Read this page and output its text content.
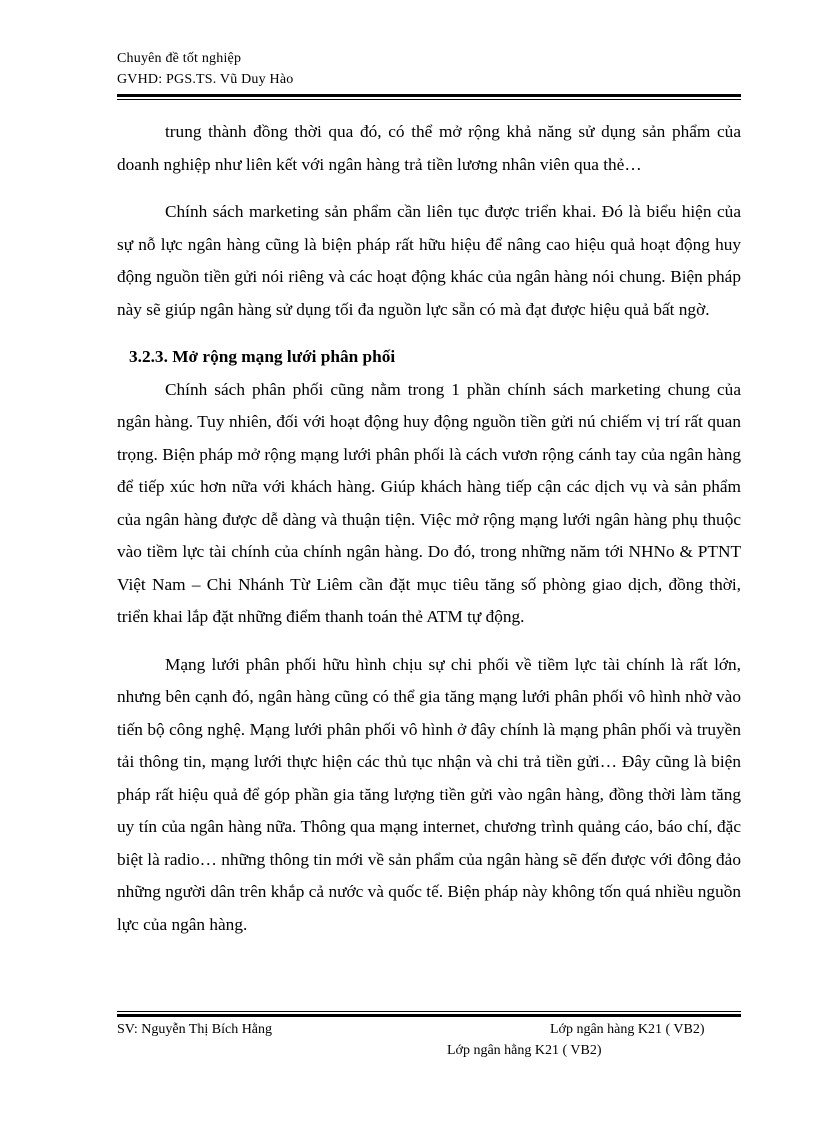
Chuyên đề tốt nghiệp
GVHD: PGS.TS. Vũ Duy Hào

trung thành đồng thời qua đó, có thể mở rộng khả năng sử dụng sản phẩm của doanh nghiệp như liên kết với ngân hàng trả tiền lương nhân viên qua thẻ…

Chính sách marketing sản phẩm cần liên tục được triển khai. Đó là biểu hiện của sự nỗ lực ngân hàng cũng là biện pháp rất hữu hiệu để nâng cao hiệu quả hoạt động huy động nguồn tiền gửi nói riêng và các hoạt động khác của ngân hàng nói chung. Biện pháp này sẽ giúp ngân hàng sử dụng tối đa nguồn lực sẵn có mà đạt được hiệu quả bất ngờ.

3.2.3. Mở rộng mạng lưới phân phối

Chính sách phân phối cũng nằm trong 1 phần chính sách marketing chung của ngân hàng. Tuy nhiên, đối với hoạt động huy động nguồn tiền gửi nú chiếm vị trí rất quan trọng. Biện pháp mở rộng mạng lưới phân phối là cách vươn rộng cánh tay của ngân hàng để tiếp xúc hơn nữa với khách hàng. Giúp khách hàng tiếp cận các dịch vụ và sản phẩm của ngân hàng được dễ dàng và thuận tiện. Việc mở rộng mạng lưới ngân hàng phụ thuộc vào tiềm lực tài chính của chính ngân hàng. Do đó, trong những năm tới NHNo & PTNT Việt Nam – Chi Nhánh Từ Liêm cần đặt mục tiêu tăng số phòng giao dịch, đồng thời, triển khai lắp đặt những điểm thanh toán thẻ ATM tự động.

Mạng lưới phân phối hữu hình chịu sự chi phối về tiềm lực tài chính là rất lớn, nhưng bên cạnh đó, ngân hàng cũng có thể gia tăng mạng lưới phân phối vô hình nhờ vào tiến bộ công nghệ. Mạng lưới phân phối vô hình ở đây chính là mạng phân phối và truyền tải thông tin, mạng lưới thực hiện các thủ tục nhận và chi trả tiền gửi… Đây cũng là biện pháp rất hiệu quả để góp phần gia tăng lượng tiền gửi vào ngân hàng, đồng thời làm tăng uy tín của ngân hàng nữa. Thông qua mạng internet, chương trình quảng cáo, báo chí, đặc biệt là radio… những thông tin mới về sản phẩm của ngân hàng sẽ đến được với đông đảo những người dân trên khắp cả nước và quốc tế. Biện pháp này không tốn quá nhiều nguồn lực của ngân hàng.

SV: Nguyễn Thị Bích Hằng	Lớp ngân hàng K21 ( VB2)
Lớp ngân hằng K21 ( VB2)
